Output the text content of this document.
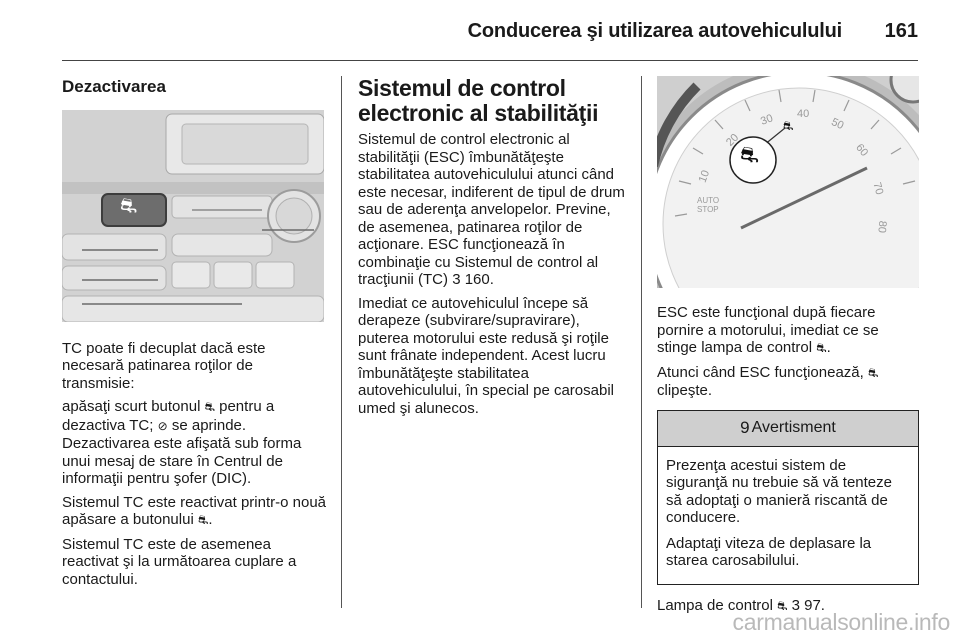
Conducerea şi utilizarea autovehiculului 161
Dezactivarea
⛐

TC poate fi decuplat dacă este necesară patinarea roţilor de transmisie:

apăsaţi scurt butonul ⛐ pentru a dezactiva TC; ⊘ se aprinde. Dezactivarea este afişată sub forma unui mesaj de stare în Centrul de informaţii pentru şofer (DIC).

Sistemul TC este reactivat printr-o nouă apăsare a butonului ⛐.

Sistemul TC este de asemenea reactivat şi la următoarea cuplare a contactului.

Sistemul de control electronic al stabilităţii

Sistemul de control electronic al stabilităţii (ESC) îmbunătăţeşte stabilitatea autovehiculului atunci când este necesar, indiferent de tipul de drum sau de aderenţa anvelopelor. Previne, de asemenea, patinarea roţilor de acţionare. ESC funcţionează în combinaţie cu Sistemul de control al tracţiunii (TC) 3 160.

Imediat ce autovehiculul începe să derapeze (subvirare/supravirare), puterea motorului este redusă şi roţile sunt frânate independent. Acest lucru îmbunătăţeşte stabilitatea autovehiculului, în special pe carosabil umed şi alunecos.

10
20
30 40
50
60
70
80
AUTO STOP
⛐
⛐

ESC este funcţional după fiecare pornire a motorului, imediat ce se stinge lampa de control ⛐.

Atunci când ESC funcţionează, ⛐ clipeşte.

9 Avertisment

Prezenţa acestui sistem de siguranţă nu trebuie să vă tenteze să adoptaţi o manieră riscantă de conducere.

Adaptaţi viteza de deplasare la starea carosabilului.

Lampa de control ⛐ 3 97.

carmanualsonline.info
